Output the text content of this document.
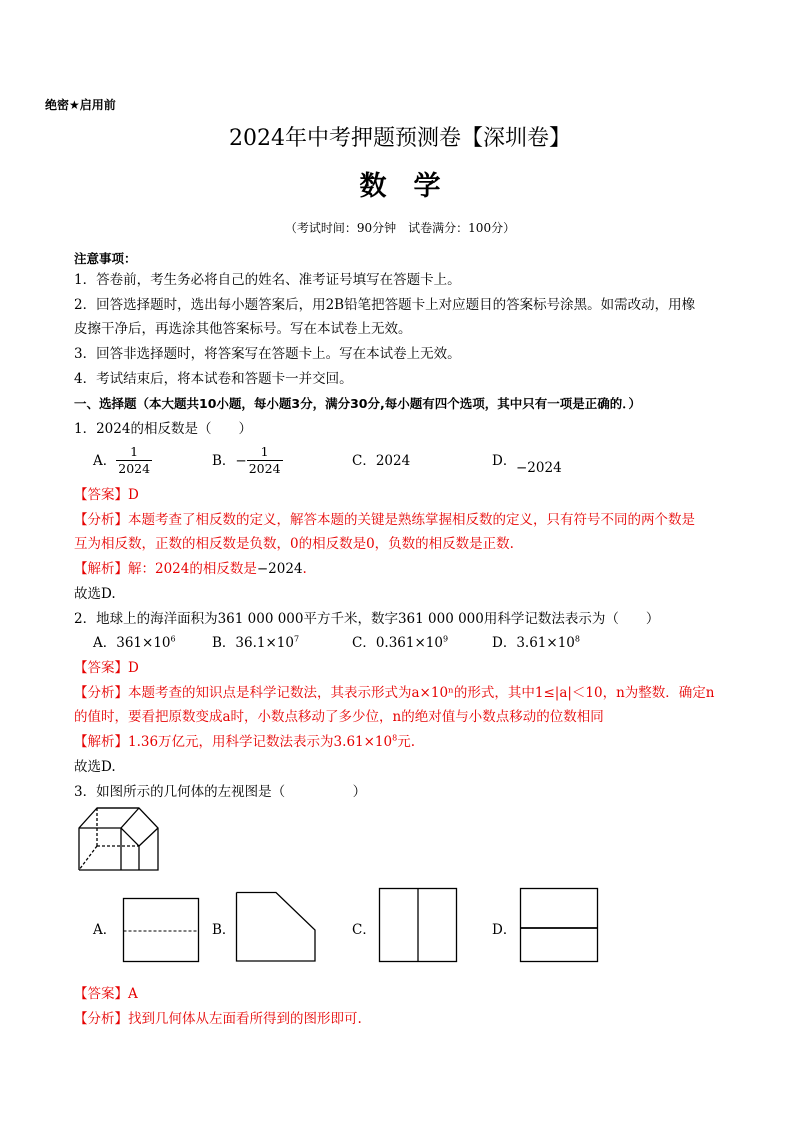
绝密★启用前
2024年中考押题预测卷【深圳卷】
数　学
（考试时间：90分钟　试卷满分：100分）
注意事项：
1．答卷前，考生务必将自己的姓名、准考证号填写在答题卡上。
2．回答选择题时，选出每小题答案后，用2B铅笔把答题卡上对应题目的答案标号涂黑。如需改动，用橡
皮擦干净后，再选涂其他答案标号。写在本试卷上无效。
3．回答非选择题时，将答案写在答题卡上。写在本试卷上无效。
4．考试结束后，将本试卷和答题卡一并交回。
一、选择题（本大题共10小题，每小题3分，满分30分,每小题有四个选项，其中只有一项是正确的．）
1．2024的相反数是（　　）
A． $\frac{1}{2024}$	B． − $\frac{1}{2024}$	C．2024	D． −2024
【答案】D
【分析】本题考查了相反数的定义，解答本题的关键是熟练掌握相反数的定义，只有符号不同的两个数是
互为相反数，正数的相反数是负数，0的相反数是0，负数的相反数是正数.
【解析】解：2024的相反数是−2024.
故选D.
2．地球上的海洋面积为361 000 000平方千米，数字361 000 000用科学记数法表示为（　　）
A．$361\times 10^6$	B．$36.1\times 10^7$	C．$0.361\times 10^9$	D．$3.61\times 10^8$
【答案】D
【分析】本题考查的知识点是科学记数法，其表示形式为a×10ⁿ的形式，其中1≤|a|＜10，n为整数．确定n
的值时，要看把原数变成a时，小数点移动了多少位，n的绝对值与小数点移动的位数相同
【解析】1.36万亿元，用科学记数法表示为$3.61\times 10^8$元.
故选D.
3．如图所示的几何体的左视图是（　　　　　）
A．	B．	C．	D．
【答案】A
【分析】找到几何体从左面看所得到的图形即可.
